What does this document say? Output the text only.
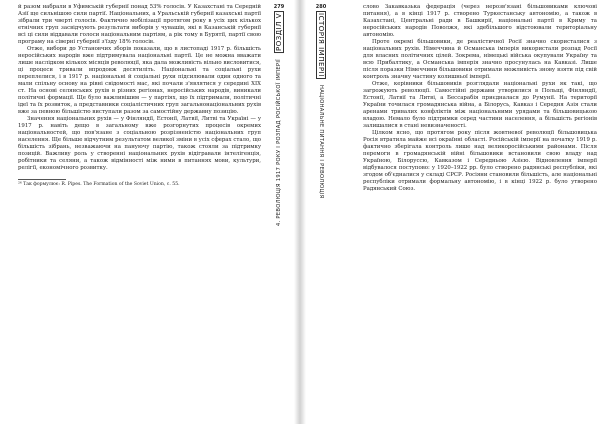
й разом набрали в Уфимській губернії понад 53% голосів. У Казахстані та Середній Азії ще сильнішою сили партії. Національних, а Уральській губернії казахські партії зібрали три чверті голосів. Фактично мобілізації протягом року в усіх цих кількох етнічних груп засвідчують результати виборів у чувашів, які в Казанській губернії всі ці сили віддавали голоси національним партіям, а рік тому в Бурятії, партії свою програму на сіверні губернії з'їзду 18% голосів.

Отже, вибори до Установчих зборів показали, що в листопаді 1917 р. більшість неросійських народів вже підтримувала національні партії. Це не можна вважати лише наслідком кількох місяців революції, яка дала можливість вільно висловитися, ці процеси тривали впродовж десятиліть. Національні та соціальні рухи переплелися, і в 1917 р. національні й соціальні рухи підсилювали один одного та мали спільну основу на рівні свідомості мас, які почали з'являтися у середині XIX ст. На основі селянських рухів в різних регіонах, неросійських народів, виникали політичні формації. Ще було важливішим — у партіях, що їх підтримали, політичні ідеї та їх розвиток, а представники соціалістичних груп загальнонаціональних рухів вже за певною більшістю виступали разом за самостійну державну позицію.

Значення національних рухів — у Фінляндії, Естонії, Латвії, Литві та Україні — у 1917 р. навіть дещо в загальному вже розгорнутих процесів окремих національностей, що пов'язане з соціальною розрізненістю національних груп населення. Ще більше відчутним результатом великої зміни в усіх сферах стало, що більшість зібрань, незважаючи на пануючу партію, також стояли за підтримку позицій. Важливу роль у створенні національних рухів відігравали інтелігенція, робітники та селяни, а також відмінності між ними в питаннях мови, культури, релігії, економічного розвитку.

²⁶ Так формулює: R. Pipes. The Formation of the Soviet Union, с. 55.

279
РОЗДІЛ V
4. РЕВОЛЮЦІЯ 1917 РОКУ І РОЗПАД РОСІЙСЬКОЇ ІМПЕРІЇ
280
ІСТОРІЯ ІМПЕРІЇ
НАЦІОНАЛЬНЕ ПИТАННЯ І РЕВОЛЮЦІЯ

слово Закавказька федерація (через нерозв'язані більшовиками ключові питання), а в кінці 1917 р. створено Туркестанську автономію, а також в Казахстані, Центральні ради в Башкирії, національні партії в Криму та неросійських народів Поволжя, які здебільшого відстоювали територіальну автономію.

Проте окремі більшовики, де реалістичної Росії значно скористалися з національних рухів. Німеччина й Османська імперія використали розпад Росії для власних політичних цілей. Зокрема, німецькі війська окупували Україну та всю Прибалтику, а Османська імперія значно просунулась на Кавказі. Лише після поразки Німеччини більшовики отримали можливість знову взяти під свій контроль значну частину колишньої імперії.

Отже, керівники більшовиків розглядали національні рухи як такі, що загрожують революції. Самостійні держави утворилися в Польщі, Фінляндії, Естонії, Латвії та Литві, а Бессарабія приєдналася до Румунії. На території України точилася громадянська війна, а Білорусь, Кавказ і Середня Азія стали аренами тривалих конфліктів між національними урядами та більшовицькою владою. Немало було підтримки серед частини населення, а більшість регіонів залишалися в стані невизначеності.

Цілком ясно, що протягом року після жовтневої революції більшовицька Росія втратила майже всі окраїнні області. Російській імперії на початку 1919 р. фактично зберігала контроль лише над великоросійськими районами. Після перемоги в громадянській війні більшовики встановили свою владу над Україною, Білоруссю, Кавказом і Середньою Азією. Відновлення імперії відбувалося поступово: у 1920–1922 рр. було створено радянські республіки, які згодом об'єдналися у складі СРСР. Росіяни становили більшість, але національні республіки отримали формальну автономію, і в кінці 1922 р. було утворено Радянський Союз.
